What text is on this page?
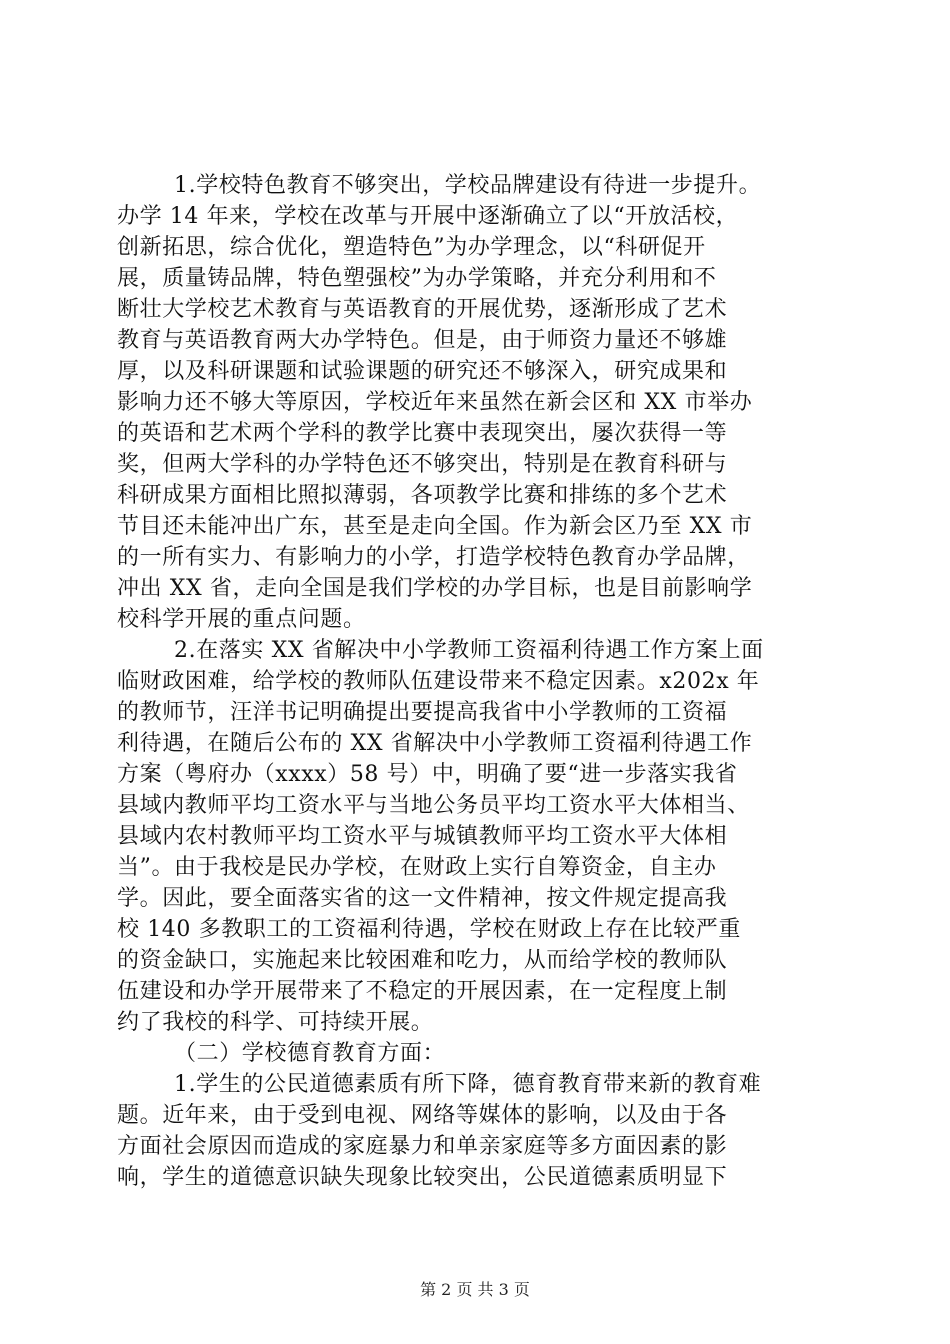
1.学校特色教育不够突出，学校品牌建设有待进一步提升。
办学 14 年来，学校在改革与开展中逐渐确立了以“开放活校，
创新拓思，综合优化，塑造特色”为办学理念，以“科研促开
展，质量铸品牌，特色塑强校”为办学策略，并充分利用和不
断壮大学校艺术教育与英语教育的开展优势，逐渐形成了艺术
教育与英语教育两大办学特色。但是，由于师资力量还不够雄
厚，以及科研课题和试验课题的研究还不够深入，研究成果和
影响力还不够大等原因，学校近年来虽然在新会区和 XX 市举办
的英语和艺术两个学科的教学比赛中表现突出，屡次获得一等
奖，但两大学科的办学特色还不够突出，特别是在教育科研与
科研成果方面相比照拟薄弱，各项教学比赛和排练的多个艺术
节目还未能冲出广东，甚至是走向全国。作为新会区乃至 XX 市
的一所有实力、有影响力的小学，打造学校特色教育办学品牌，
冲出 XX 省，走向全国是我们学校的办学目标，也是目前影响学
校科学开展的重点问题。
2.在落实 XX 省解决中小学教师工资福利待遇工作方案上面
临财政困难，给学校的教师队伍建设带来不稳定因素。x202x 年
的教师节，汪洋书记明确提出要提高我省中小学教师的工资福
利待遇，在随后公布的 XX 省解决中小学教师工资福利待遇工作
方案（粤府办（xxxx）58 号）中，明确了要“进一步落实我省
县域内教师平均工资水平与当地公务员平均工资水平大体相当、
县域内农村教师平均工资水平与城镇教师平均工资水平大体相
当”。由于我校是民办学校，在财政上实行自筹资金，自主办
学。因此，要全面落实省的这一文件精神，按文件规定提高我
校 140 多教职工的工资福利待遇，学校在财政上存在比较严重
的资金缺口，实施起来比较困难和吃力，从而给学校的教师队
伍建设和办学开展带来了不稳定的开展因素，在一定程度上制
约了我校的科学、可持续开展。
（二）学校德育教育方面：
1.学生的公民道德素质有所下降，德育教育带来新的教育难
题。近年来，由于受到电视、网络等媒体的影响，以及由于各
方面社会原因而造成的家庭暴力和单亲家庭等多方面因素的影
响，学生的道德意识缺失现象比较突出，公民道德素质明显下
第 2 页 共 3 页
